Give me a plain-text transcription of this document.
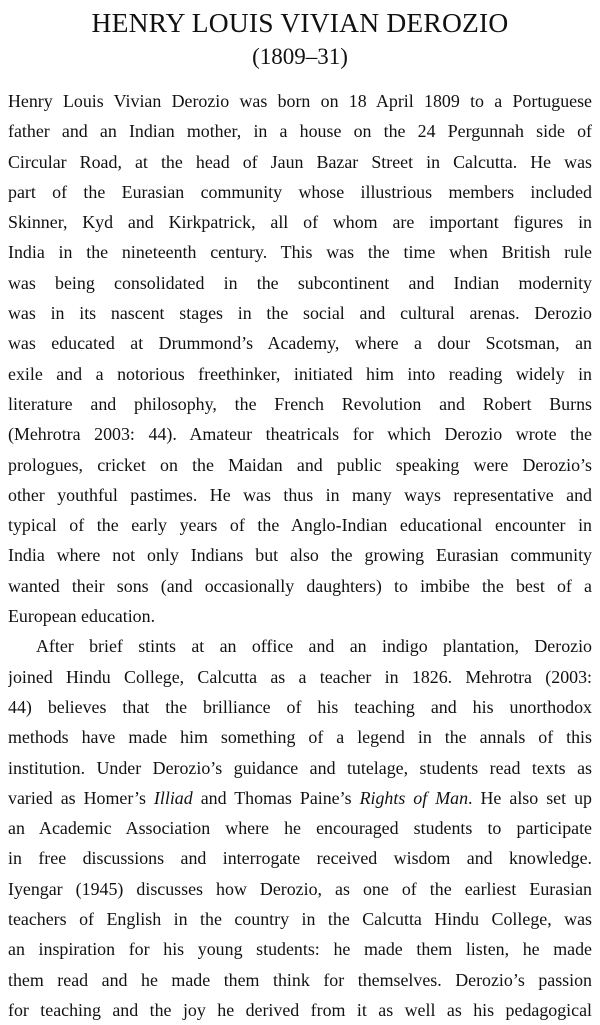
HENRY LOUIS VIVIAN DEROZIO
(1809–31)

Henry Louis Vivian Derozio was born on 18 April 1809 to a Portuguese
father and an Indian mother, in a house on the 24 Pergunnah side of
Circular Road, at the head of Jaun Bazar Street in Calcutta. He was
part of the Eurasian community whose illustrious members included
Skinner, Kyd and Kirkpatrick, all of whom are important figures in
India in the nineteenth century. This was the time when British rule
was being consolidated in the subcontinent and Indian modernity
was in its nascent stages in the social and cultural arenas. Derozio
was educated at Drummond’s Academy, where a dour Scotsman, an
exile and a notorious freethinker, initiated him into reading widely in
literature and philosophy, the French Revolution and Robert Burns
(Mehrotra 2003: 44). Amateur theatricals for which Derozio wrote the
prologues, cricket on the Maidan and public speaking were Derozio’s
other youthful pastimes. He was thus in many ways representative and
typical of the early years of the Anglo-Indian educational encounter in
India where not only Indians but also the growing Eurasian community
wanted their sons (and occasionally daughters) to imbibe the best of a
European education.

After brief stints at an office and an indigo plantation, Derozio
joined Hindu College, Calcutta as a teacher in 1826. Mehrotra (2003:
44) believes that the brilliance of his teaching and his unorthodox
methods have made him something of a legend in the annals of this
institution. Under Derozio’s guidance and tutelage, students read texts as
varied as Homer’s Illiad and Thomas Paine’s Rights of Man. He also set up
an Academic Association where he encouraged students to participate
in free discussions and interrogate received wisdom and knowledge.
Iyengar (1945) discusses how Derozio, as one of the earliest Eurasian
teachers of English in the country in the Calcutta Hindu College, was
an inspiration for his young students: he made them listen, he made
them read and he made them think for themselves. Derozio’s passion
for teaching and the joy he derived from it as well as his pedagogical
